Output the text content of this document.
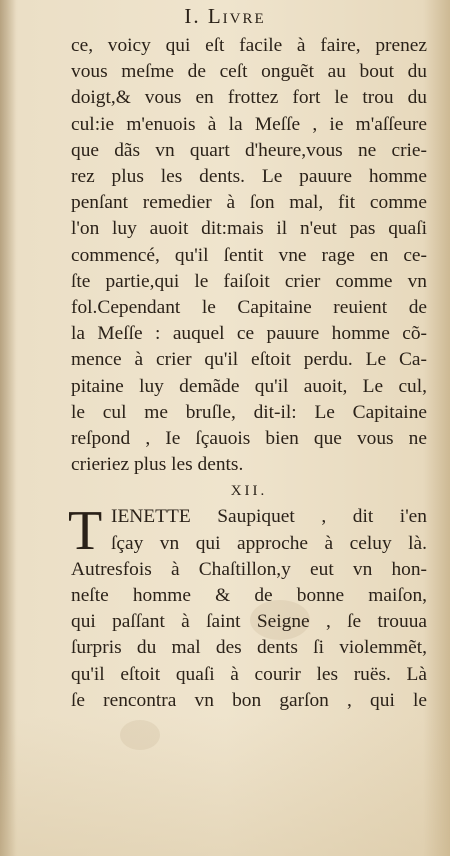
I. Livre
ce, voicy qui eſt facile à faire, prenez
vous meſme de ceſt onguẽt au bout du
doigt,& vous en frottez fort le trou du
cul:ie m'enuois à la Meſſe , ie m'aſſeure
que dãs vn quart d'heure,vous ne crie-
rez plus les dents. Le pauure homme
penſant remedier à ſon mal, fit comme
l'on luy auoit dit:mais il n'eut pas quaſi
commencé, qu'il ſentit vne rage en ce-
ſte partie,qui le faiſoit crier comme vn
fol.Cependant le Capitaine reuient de
la Meſſe : auquel ce pauure homme cõ-
mence à crier qu'il eſtoit perdu. Le Ca-
pitaine luy demãde qu'il auoit, Le cul,
le cul me bruſle, dit-il: Le Capitaine
reſpond , Ie ſçauois bien que vous ne
crieriez plus les dents.
XII.
T IENETTE Saupiquet , dit i'en
ſçay vn qui approche à celuy là.
Autresfois à Chaſtillon,y eut vn hon-
neſte homme & de bonne maiſon,
qui paſſant à ſaint Seigne , ſe trouua
ſurpris du mal des dents ſi violemmẽt,
qu'il eſtoit quaſi à courir les ruës. Là
ſe rencontra vn bon garſon , qui le
